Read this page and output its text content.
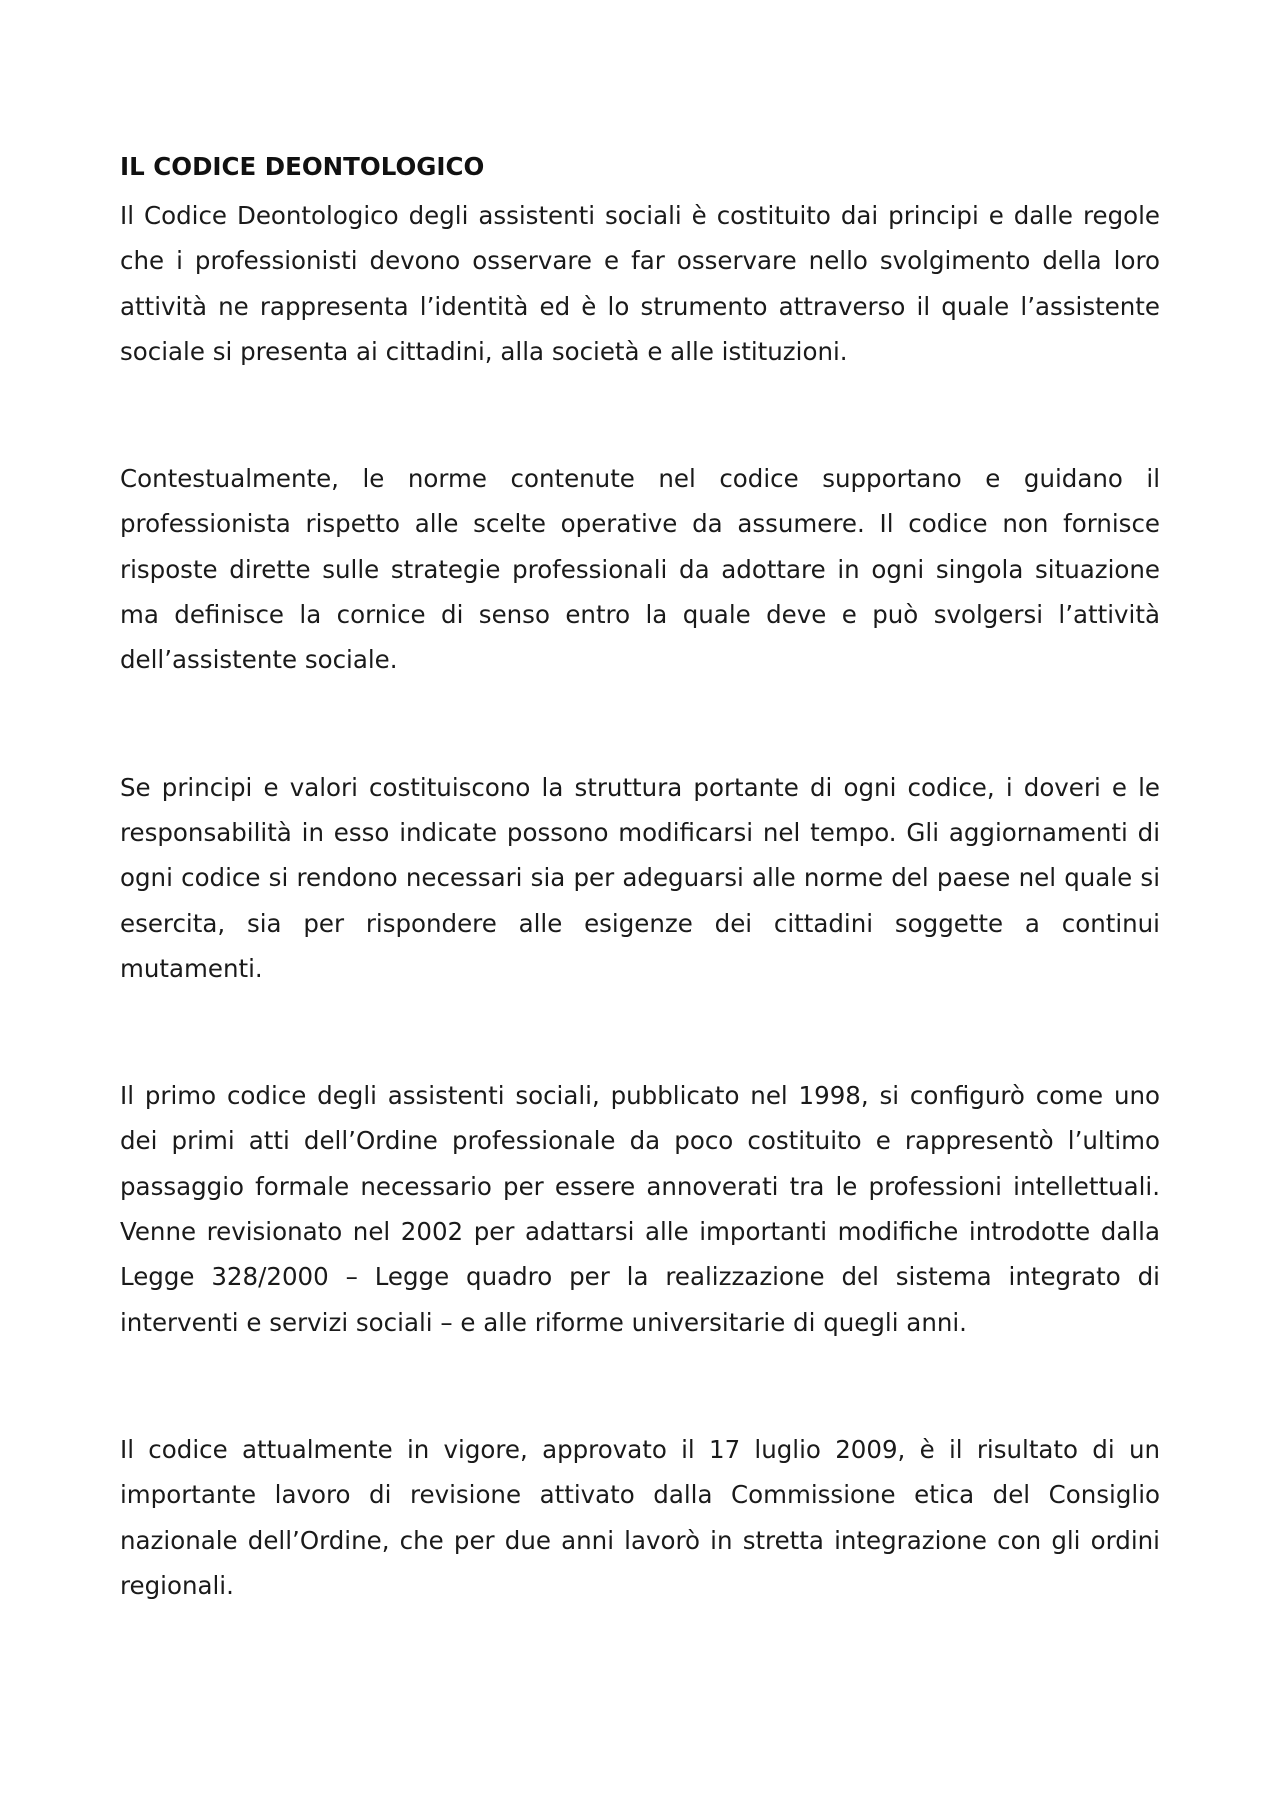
IL CODICE DEONTOLOGICO

Il Codice Deontologico degli assistenti sociali è costituito dai principi e dalle regole che i professionisti devono osservare e far osservare nello svolgimento della loro attività ne rappresenta l’identità ed è lo strumento attraverso il quale l’assistente sociale si presenta ai cittadini, alla società e alle istituzioni.

Contestualmente, le norme contenute nel codice supportano e guidano il professionista rispetto alle scelte operative da assumere. Il codice non fornisce risposte dirette sulle strategie professionali da adottare in ogni singola situazione ma definisce la cornice di senso entro la quale deve e può svolgersi l’attività dell’assistente sociale.

Se principi e valori costituiscono la struttura portante di ogni codice, i doveri e le responsabilità in esso indicate possono modificarsi nel tempo. Gli aggiornamenti di ogni codice si rendono necessari sia per adeguarsi alle norme del paese nel quale si esercita, sia per rispondere alle esigenze dei cittadini soggette a continui mutamenti.

Il primo codice degli assistenti sociali, pubblicato nel 1998, si configurò come uno dei primi atti dell’Ordine professionale da poco costituito e rappresentò l’ultimo passaggio formale necessario per essere annoverati tra le professioni intellettuali. Venne revisionato nel 2002 per adattarsi alle importanti modifiche introdotte dalla Legge 328/2000 – Legge quadro per la realizzazione del sistema integrato di interventi e servizi sociali – e alle riforme universitarie di quegli anni.

Il codice attualmente in vigore, approvato il 17 luglio 2009, è il risultato di un importante lavoro di revisione attivato dalla Commissione etica del Consiglio nazionale dell’Ordine, che per due anni lavorò in stretta integrazione con gli ordini regionali.
